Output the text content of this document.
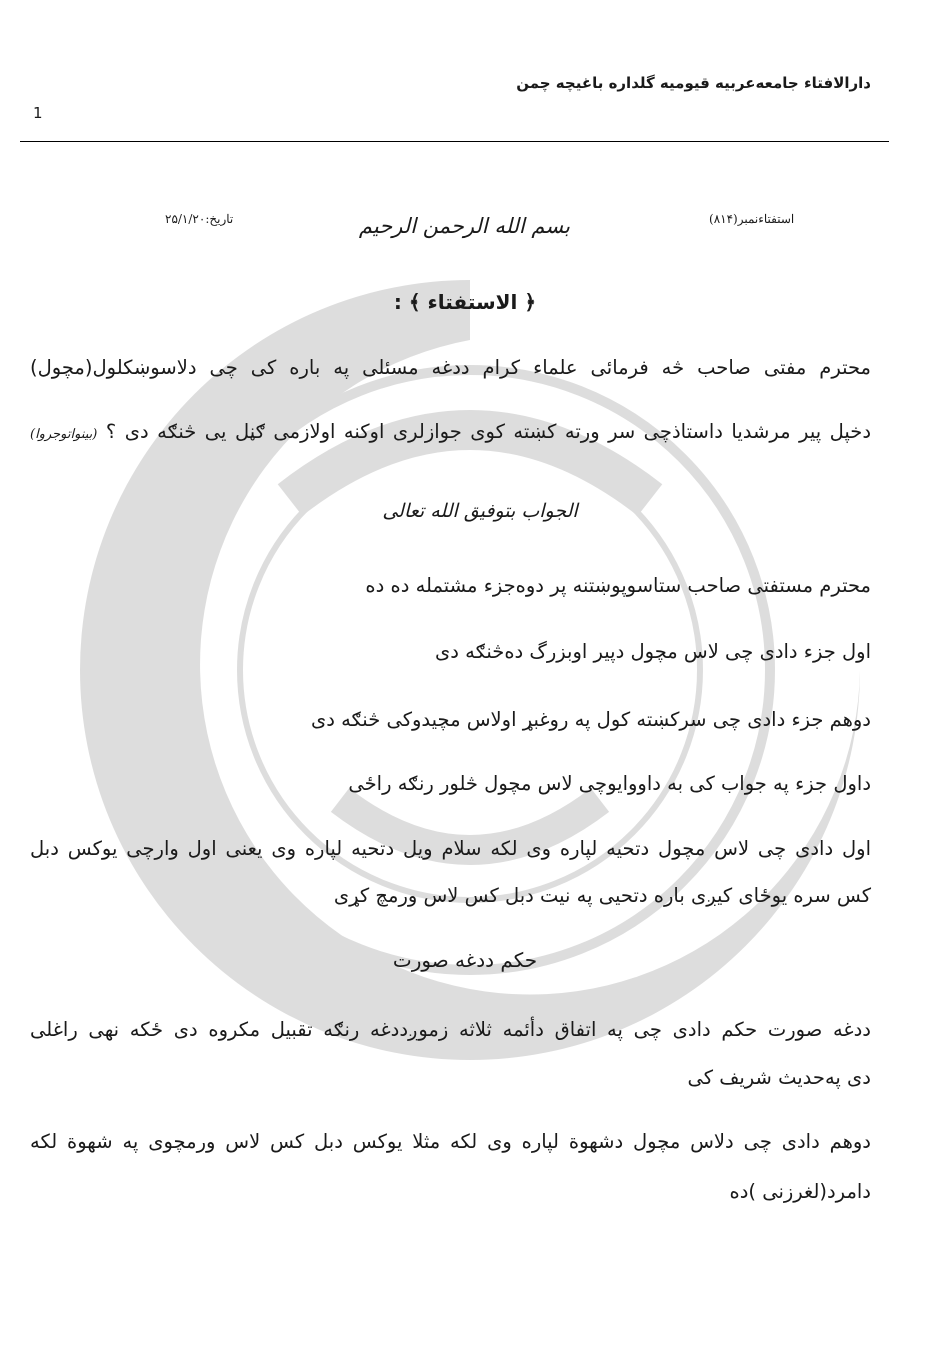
دارالافتاء جامعه‌عربیه قیومیه گلداره باغیچه چمن
1
استفتاءنمبر(۸۱۴)
بسم الله الرحمن الرحیم
تاریخ:۲۵/۱/۲۰
﴿ الاستفتاء ﴾ :
محترم مفتی صاحب څه فرمائی علماء کرام ددغه مسئلی په باره کی چی دلاسوښکلول(مچول)
دخپل پیر مرشدیا داستاذچی سر ورته کښته کوی جوازلری اوکنه اولازمی ګڼل یی څنګه دی ؟ (بینواتوجروا)
الجواب بتوفیق الله تعالی
محترم مستفتی صاحب ستاسوپوښتنه پر دوه‌جزء مشتمله ده ده
اول جزء دادی چی لاس مچول دپیر اوبزرگ ده‌څنګه دی
دوهم جزء دادی چی سرکښته کول په روغبړ اولاس مچیدوکی څنګه دی
داول جزء په جواب کی به داووایوچی لاس مچول څلور رنګه راځی
اول دادی چی لاس مچول دتحیه لپاره وی لکه سلام ویل دتحیه لپاره وی یعنی اول وارچی یوکس دبل
کس سره یوځای کیږی باره دتحیی په نیت دبل کس لاس ورمچ کړی
حکم ددغه صورت
ددغه صورت حکم دادی چی په اتفاق دأئمه ثلاثه زموږددغه رنګه تقبیل مکروه دی ځکه نهی راغلی
دی په‌حدیث شریف کی
دوهم دادی چی دلاس مچول دشهوة لپاره وی لکه مثلا یوکس دبل کس لاس ورمچوی په شهوة لکه
دامرد(لغرزنی )ده
